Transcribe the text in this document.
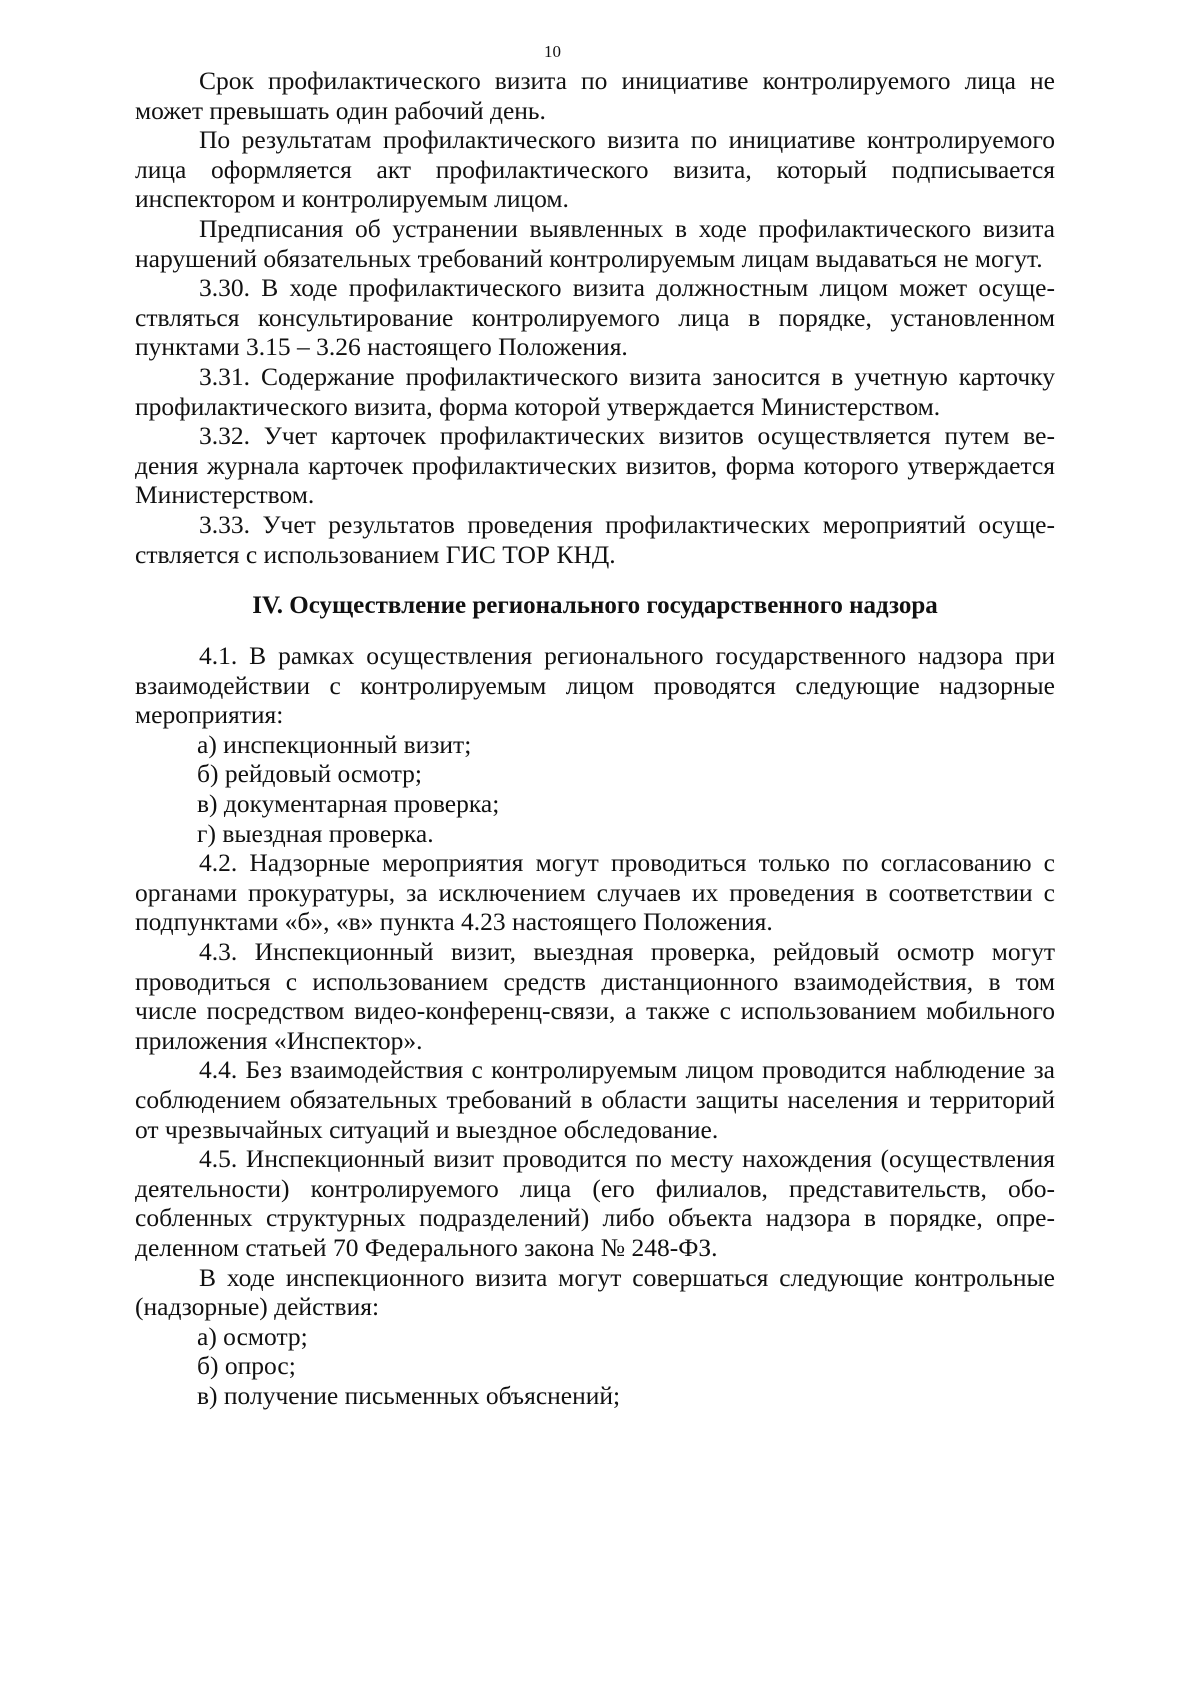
10

Срок профилактического визита по инициативе контролируемого лица не может превышать один рабочий день.

По результатам профилактического визита по инициативе контролируемого лица оформляется акт профилактического визита, который подписывается инспектором и контролируемым лицом.

Предписания об устранении выявленных в ходе профилактического визита нарушений обязательных требований контролируемым лицам выдаваться не могут.

3.30. В ходе профилактического визита должностным лицом может осуществляться консультирование контролируемого лица в порядке, установленном пунктами 3.15 – 3.26 настоящего Положения.

3.31. Содержание профилактического визита заносится в учетную карточку профилактического визита, форма которой утверждается Министерством.

3.32. Учет карточек профилактических визитов осуществляется путем ведения журнала карточек профилактических визитов, форма которого утверждается Министерством.

3.33. Учет результатов проведения профилактических мероприятий осуществляется с использованием ГИС ТОР КНД.

IV. Осуществление регионального государственного надзора

4.1. В рамках осуществления регионального государственного надзора при взаимодействии с контролируемым лицом проводятся следующие надзорные мероприятия:

а) инспекционный визит;

б) рейдовый осмотр;

в) документарная проверка;

г) выездная проверка.

4.2. Надзорные мероприятия могут проводиться только по согласованию с органами прокуратуры, за исключением случаев их проведения в соответствии с подпунктами «б», «в» пункта 4.23 настоящего Положения.

4.3. Инспекционный визит, выездная проверка, рейдовый осмотр могут проводиться с использованием средств дистанционного взаимодействия, в том числе посредством видео-конференц-связи, а также с использованием мобильного приложения «Инспектор».

4.4. Без взаимодействия с контролируемым лицом проводится наблюдение за соблюдением обязательных требований в области защиты населения и территорий от чрезвычайных ситуаций и выездное обследование.

4.5. Инспекционный визит проводится по месту нахождения (осуществления деятельности) контролируемого лица (его филиалов, представительств, обособленных структурных подразделений) либо объекта надзора в порядке, определенном статьей 70 Федерального закона № 248-ФЗ.

В ходе инспекционного визита могут совершаться следующие контрольные (надзорные) действия:

а) осмотр;

б) опрос;

в) получение письменных объяснений;
